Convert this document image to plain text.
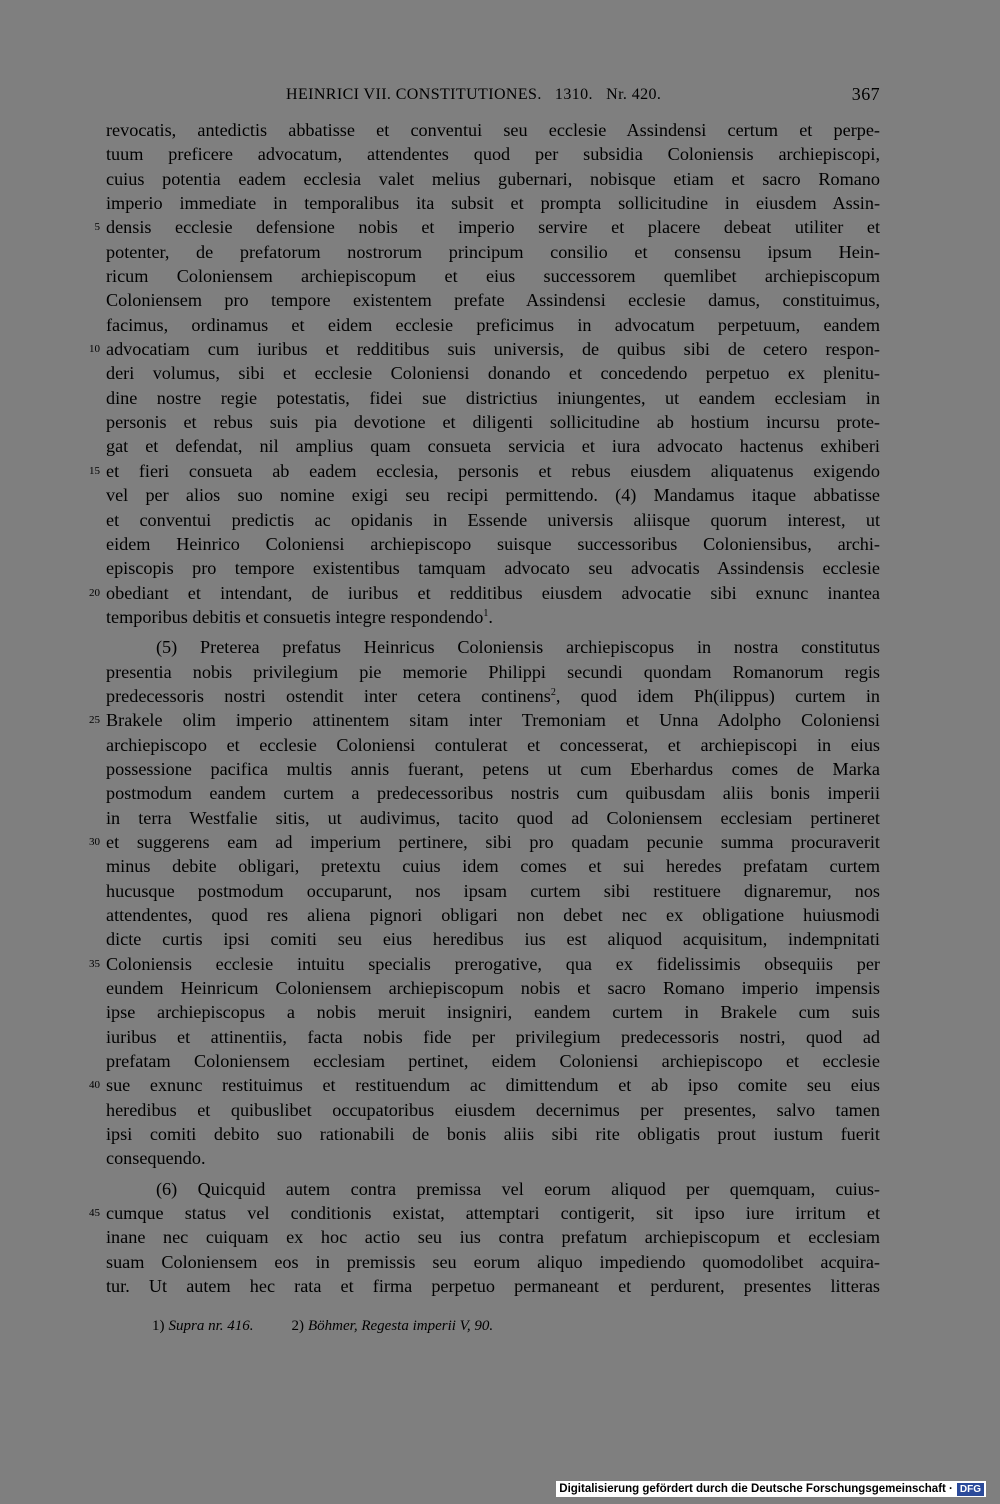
HEINRICI VII. CONSTITUTIONES.   1310.   Nr. 420.	367
revocatis, antedictis abbatisse et conventui seu ecclesie Assindensi certum et perpe-
tuum preficere advocatum, attendentes quod per subsidia Coloniensis archiepiscopi,
cuius potentia eadem ecclesia valet melius gubernari, nobisque etiam et sacro Romano
imperio immediate in temporalibus ita subsit et prompta sollicitudine in eiusdem Assin-
5 densis ecclesie defensione nobis et imperio servire et placere debeat utiliter et
potenter, de prefatorum nostrorum principum consilio et consensu ipsum Hein-
ricum Coloniensem archiepiscopum et eius successorem quemlibet archiepiscopum
Coloniensem pro tempore existentem prefate Assindensi ecclesie damus, constituimus,
facimus, ordinamus et eidem ecclesie preficimus in advocatum perpetuum, eandem
10 advocatiam cum iuribus et redditibus suis universis, de quibus sibi de cetero respon-
deri volumus, sibi et ecclesie Coloniensi donando et concedendo perpetuo ex plenitu-
dine nostre regie potestatis, fidei sue districtius iniungentes, ut eandem ecclesiam in
personis et rebus suis pia devotione et diligenti sollicitudine ab hostium incursu prote-
gat et defendat, nil amplius quam consueta servicia et iura advocato hactenus exhiberi
15 et fieri consueta ab eadem ecclesia, personis et rebus eiusdem aliquatenus exigendo
vel per alios suo nomine exigi seu recipi permittendo. (4) Mandamus itaque abbatisse
et conventui predictis ac opidanis in Essende universis aliisque quorum interest, ut
eidem Heinrico Coloniensi archiepiscopo suisque successoribus Coloniensibus, archi-
episcopis pro tempore existentibus tamquam advocato seu advocatis Assindensis ecclesie
20 obediant et intendant, de iuribus et redditibus eiusdem advocatie sibi exnunc inantea
temporibus debitis et consuetis integre respondendo$^1$.
(5) Preterea prefatus Heinricus Coloniensis archiepiscopus in nostra constitutus
presentia nobis privilegium pie memorie Philippi secundi quondam Romanorum regis
predecessoris nostri ostendit inter cetera continens$^2$, quod idem Ph(ilippus) curtem in
25 Brakele olim imperio attinentem sitam inter Tremoniam et Unna Adolpho Coloniensi
archiepiscopo et ecclesie Coloniensi contulerat et concesserat, et archiepiscopi in eius
possessione pacifica multis annis fuerant, petens ut cum Eberhardus comes de Marka
postmodum eandem curtem a predecessoribus nostris cum quibusdam aliis bonis imperii
in terra Westfalie sitis, ut audivimus, tacito quod ad Coloniensem ecclesiam pertineret
30 et suggerens eam ad imperium pertinere, sibi pro quadam pecunie summa procuraverit
minus debite obligari, pretextu cuius idem comes et sui heredes prefatam curtem
hucusque postmodum occuparunt, nos ipsam curtem sibi restituere dignaremur, nos
attendentes, quod res aliena pignori obligari non debet nec ex obligatione huiusmodi
dicte curtis ipsi comiti seu eius heredibus ius est aliquod acquisitum, indempnitati
35 Coloniensis ecclesie intuitu specialis prerogative, qua ex fidelissimis obsequiis per
eundem Heinricum Coloniensem archiepiscopum nobis et sacro Romano imperio impensis
ipse archiepiscopus a nobis meruit insigniri, eandem curtem in Brakele cum suis
iuribus et attinentiis, facta nobis fide per privilegium predecessoris nostri, quod ad
prefatam Coloniensem ecclesiam pertinet, eidem Coloniensi archiepiscopo et ecclesie
40 sue exnunc restituimus et restituendum ac dimittendum et ab ipso comite seu eius
heredibus et quibuslibet occupatoribus eiusdem decernimus per presentes, salvo tamen
ipsi comiti debito suo rationabili de bonis aliis sibi rite obligatis prout iustum fuerit
consequendo.
(6) Quicquid autem contra premissa vel eorum aliquod per quemquam, cuius-
45 cumque status vel conditionis existat, attemptari contigerit, sit ipso iure irritum et
inane nec cuiquam ex hoc actio seu ius contra prefatum archiepiscopum et ecclesiam
suam Coloniensem eos in premissis seu eorum aliquo impediendo quomodolibet acquira-
tur. Ut autem hec rata et firma perpetuo permaneant et perdurent, presentes litteras
1) Supra nr. 416.	2) Böhmer, Regesta imperii V, 90.
Digitalisierung gefördert durch die Deutsche Forschungsgemeinschaft · DFG
